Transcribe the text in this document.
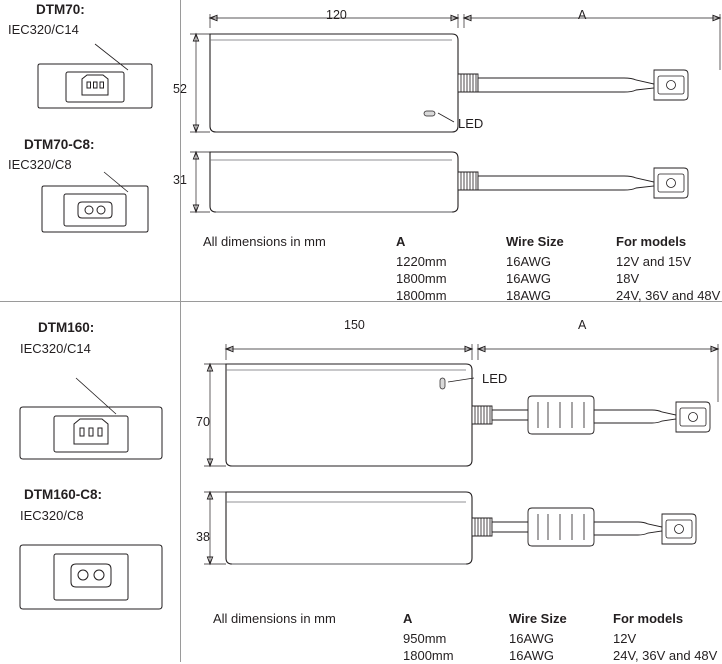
DTM70:
IEC320/C14
DTM70-C8:
IEC320/C8
120	A
52
31
LED
All dimensions in mm	A	Wire Size	For models
1220mm	16AWG	12V and 15V
1800mm	16AWG	18V
1800mm	18AWG	24V, 36V and 48V
DTM160:
IEC320/C14
DTM160-C8:
IEC320/C8
150	A
70
38
LED
All dimensions in mm	A	Wire Size	For models
950mm	16AWG	12V
1800mm	16AWG	24V, 36V and 48V
